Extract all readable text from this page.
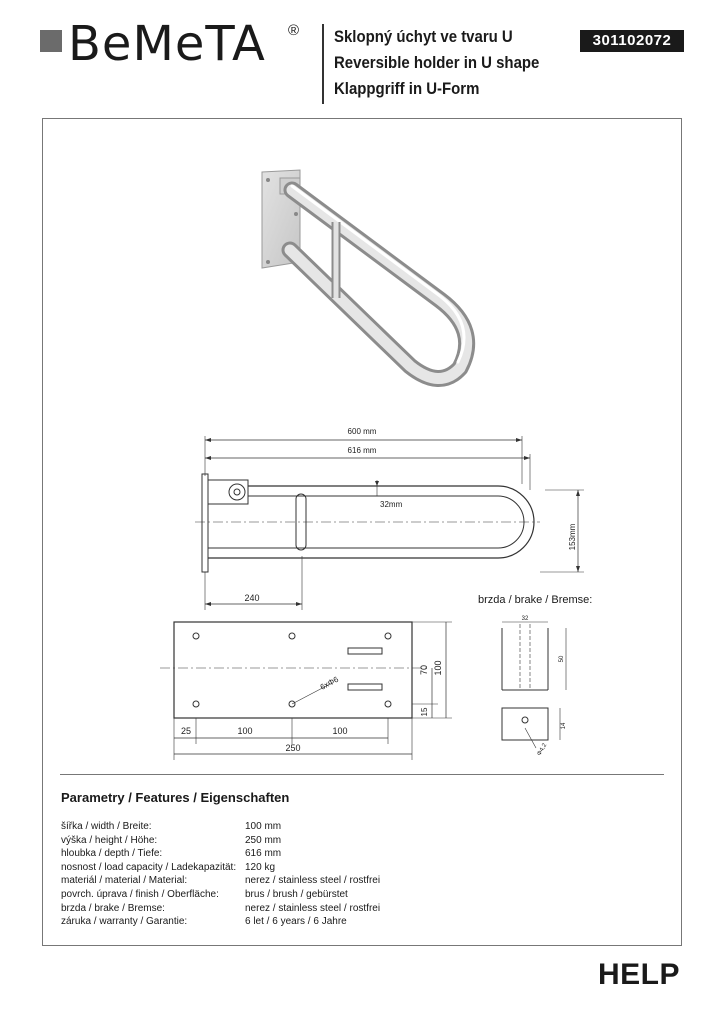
BeMeTA ® Sklopný úchyt ve tvaru U
Reversible holder in U shape
Klappgriff in U-Form
301102072
600 mm
616 mm
32mm
153mm
240
25	100	100
250
70 100
15
6xΦ6
32
50
14
Φ4,2
brzda / brake / Bremse:
Parametry / Features / Eigenschaften
šířka / width / Breite:	100 mm
výška / height / Höhe:	250 mm
hloubka / depth / Tiefe:	616 mm
nosnost / load capacity / Ladekapazität: 120 kg
materiál / material / Material:	nerez / stainless steel / rostfrei
povrch. úprava / finish / Oberfläche:	brus / brush / gebürstet
brzda / brake / Bremse:	nerez / stainless steel / rostfrei
záruka / warranty / Garantie:	6 let / 6 years / 6 Jahre
HELP
